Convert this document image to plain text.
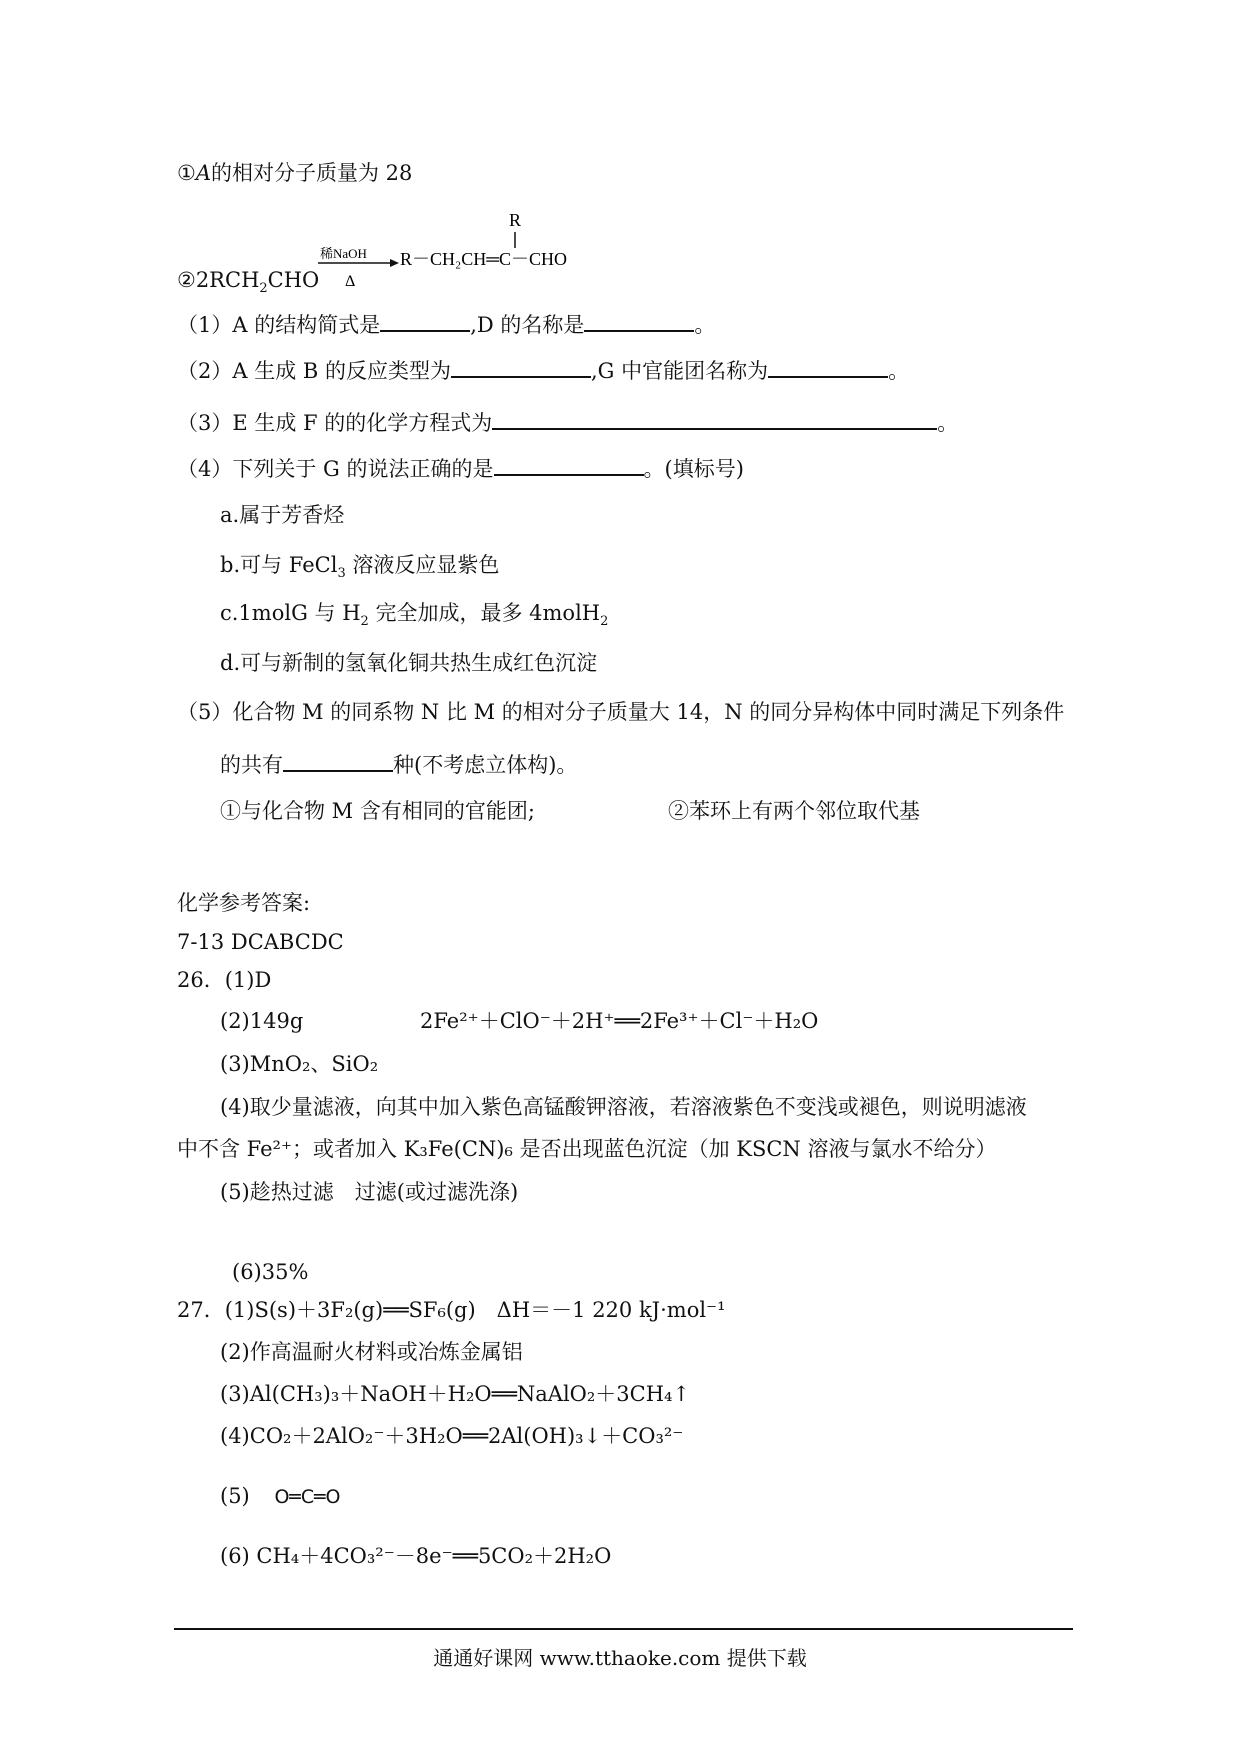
①A的相对分子质量为 28
稀NaOH
Δ
R
R－CH₂CH═C－CHO
$②2RCH_2CHO$
（1）A 的结构简式是	,D 的名称是	。
（2）A 生成 B 的反应类型为	,G 中官能团名称为	。
（3）E 生成 F 的的化学方程式为	。
（4）下列关于 G 的说法正确的是	。(填标号)
a.属于芳香烃
b.可与 FeCl$_3$ 溶液反应显紫色
c.1molG 与 $H_2$ 完全加成，最多 4molH$_2$
d.可与新制的氢氧化铜共热生成红色沉淀
（5）化合物 M 的同系物 N 比 M 的相对分子质量大 14，N 的同分异构体中同时满足下列条件
的共有	种(不考虑立体构)。
①与化合物 M 含有相同的官能团;	②苯环上有两个邻位取代基
化学参考答案:
7-13 DCABCDC
26．(1)D
(2)149g	2Fe²⁺＋ClO⁻＋2H⁺══2Fe³⁺＋Cl⁻＋H₂O
(3)MnO₂、SiO₂
(4)取少量滤液，向其中加入紫色高锰酸钾溶液，若溶液紫色不变浅或褪色，则说明滤液
中不含 Fe²⁺；或者加入 K₃Fe(CN)₆ 是否出现蓝色沉淀（加 KSCN 溶液与氯水不给分）
(5)趁热过滤　过滤(或过滤洗涤)
(6)35%
27．(1)S(s)＋3F₂(g)══SF₆(g)　ΔH＝－1 220 kJ·mol⁻¹
(2)作高温耐火材料或冶炼金属铝
(3)Al(CH₃)₃＋NaOH＋H₂O══NaAlO₂＋3CH₄↑
(4)CO₂＋2AlO₂⁻＋3H₂O══2Al(OH)₃↓＋CO₃²⁻
(5) O═C═O
(6) CH₄＋4CO₃²⁻－8e⁻══5CO₂＋2H₂O
通通好课网 www.tthaoke.com 提供下载
